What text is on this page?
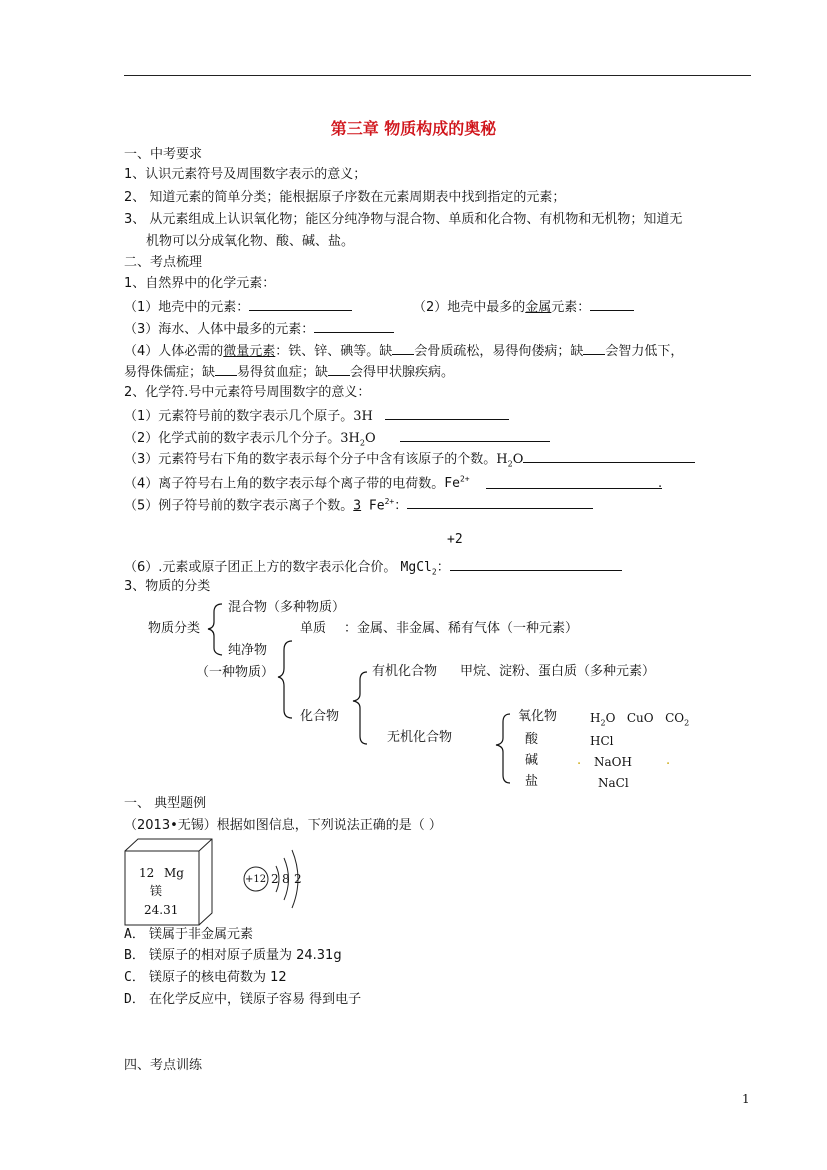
第三章 物质构成的奥秘
一、中考要求
1、认识元素符号及周围数字表示的意义；
2、 知道元素的简单分类；能根据原子序数在元素周期表中找到指定的元素；
3、 从元素组成上认识氧化物；能区分纯净物与混合物、单质和化合物、有机物和无机物；知道无
机物可以分成氧化物、酸、碱、盐。
二、考点梳理
1、自然界中的化学元素：
（1）地壳中的元素：	（2）地壳中最多的金属元素：
（3）海水、人体中最多的元素：
（4）人体必需的微量元素：铁、锌、碘等。缺 会骨质疏松，易得佝偻病；缺 会智力低下，
易得侏儒症；缺 易得贫血症；缺 会得甲状腺疾病。
2、化学符.号中元素符号周围数字的意义：
（1）元素符号前的数字表示几个原子。3H
（2）化学式前的数字表示几个分子。$3H_2O$
（3）元素符号右下角的数字表示每个分子中含有该原子的个数。$H_2O$
（4）离子符号右上角的数字表示每个离子带的电荷数。$Fe^{2+}$	.
（5）例子符号前的数字表示离子个数。3 $Fe^{2+}$：
+2
（6）.元素或原子团正上方的数字表示化合价。 MgCl$_2$：
3、物质的分类
混合物（多种物质）
物质分类	单质 ：金属、非金属、稀有气体（一种元素）
纯净物
有机化合物 甲烷、淀粉、蛋白质（多种元素）
（一种物质）
化合物	氧化物	$H_2O$ CuO $CO_2$
无机化合物	酸	HCl
碱	. NaOH	.
盐	NaCl
一、 典型题例
（2013•无锡）根据如图信息，下列说法正确的是（ ）
12 Mg
镁
24.31
+12 2 8 2
A． 镁属于非金属元素
B． 镁原子的相对原子质量为 24.31g
C． 镁原子的核电荷数为 12
D． 在化学反应中，镁原子容易 得到电子
四、考点训练
1
